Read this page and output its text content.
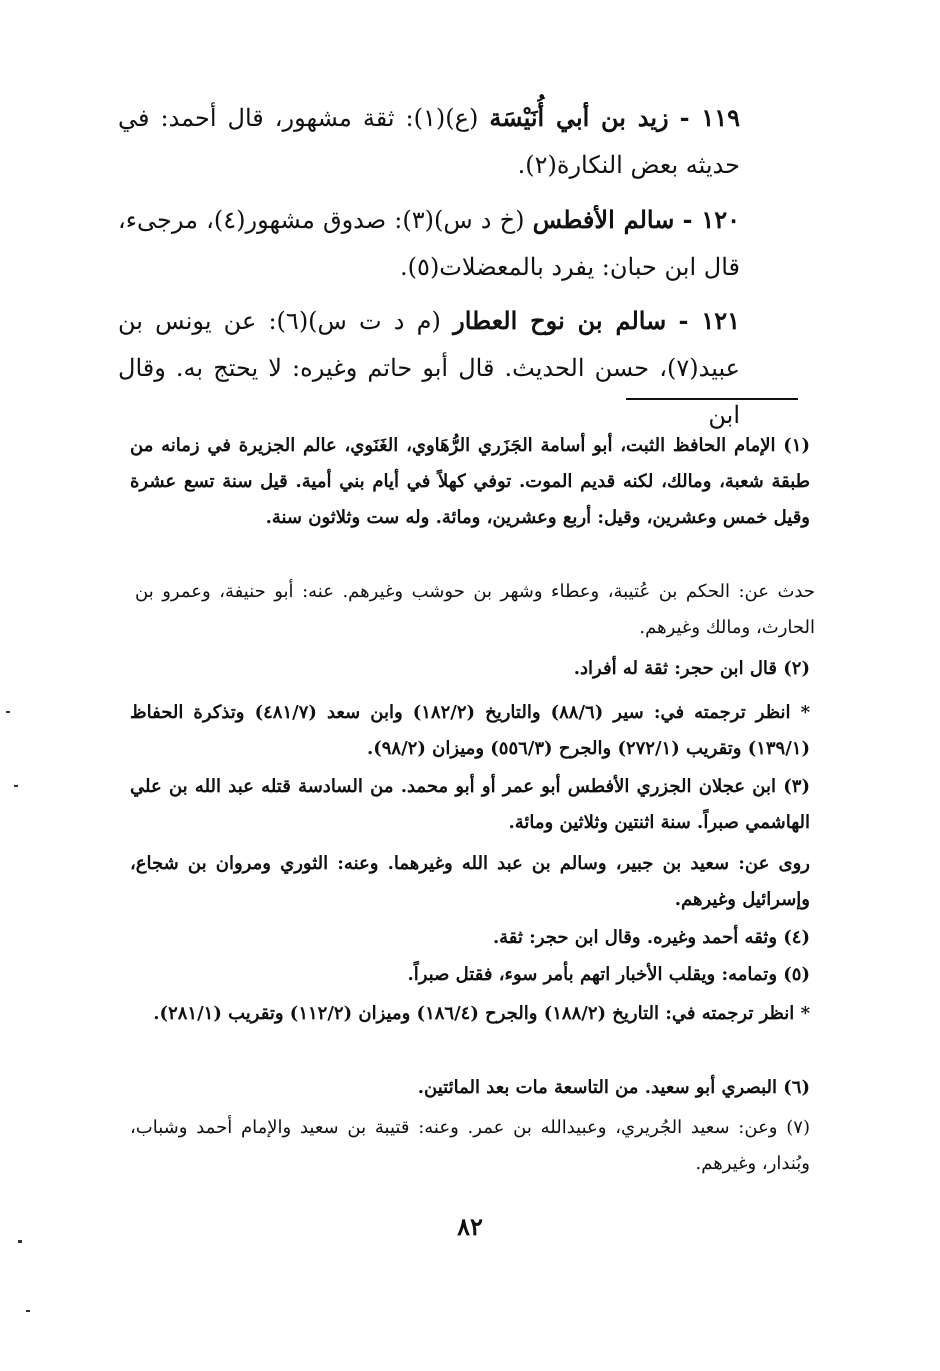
١١٩ - زيد بن أبي أُنَيْسَة (ع)(١): ثقة مشهور، قال أحمد: في حديثه بعض النكارة(٢).
١٢٠ - سالم الأفطس (خ د س)(٣): صدوق مشهور(٤)، مرجىء، قال ابن حبان: يفرد بالمعضلات(٥).
١٢١ - سالم بن نوح العطار (م د ت س)(٦): عن يونس بن عبيد(٧)، حسن الحديث. قال أبو حاتم وغيره: لا يحتج به. وقال ابن
(١) الإمام الحافظ الثبت، أبو أسامة الجَزَري الرُّهَاوي، الغَنَوي، عالم الجزيرة في زمانه من طبقة شعبة، ومالك، لكنه قديم الموت. توفي كهلاً في أيام بني أمية. قيل سنة تسع عشرة وقيل خمس وعشرين، وقيل: أربع وعشرين، ومائة. وله ست وثلاثون سنة.
حدث عن: الحكم بن عُتيبة، وعطاء وشهر بن حوشب وغيرهم. عنه: أبو حنيفة، وعمرو بن الحارث، ومالك وغيرهم.
(٢) قال ابن حجر: ثقة له أفراد.
* انظر ترجمته في: سير (٨٨/٦) والتاريخ (١٨٢/٢) وابن سعد (٤٨١/٧) وتذكرة الحفاظ (١٣٩/١) وتقريب (٢٧٢/١) والجرح (٥٥٦/٣) وميزان (٩٨/٢).
(٣) ابن عجلان الجزري الأفطس أبو عمر أو أبو محمد. من السادسة قتله عبد الله بن علي الهاشمي صبراً. سنة اثنتين وثلاثين ومائة.
روى عن: سعيد بن جبير، وسالم بن عبد الله وغيرهما. وعنه: الثوري ومروان بن شجاع، وإسرائيل وغيرهم.
(٤) وثقه أحمد وغيره. وقال ابن حجر: ثقة.
(٥) وتمامه: ويقلب الأخبار اتهم بأمر سوء، فقتل صبراً.
* انظر ترجمته في: التاريخ (١٨٨/٢) والجرح (١٨٦/٤) وميزان (١١٢/٢) وتقريب (٢٨١/١).
(٦) البصري أبو سعيد. من التاسعة مات بعد المائتين.
(٧) وعن: سعيد الجُريري، وعبيدالله بن عمر. وعنه: قتيبة بن سعيد والإمام أحمد وشباب، وبُندار، وغيرهم.
٨٢
